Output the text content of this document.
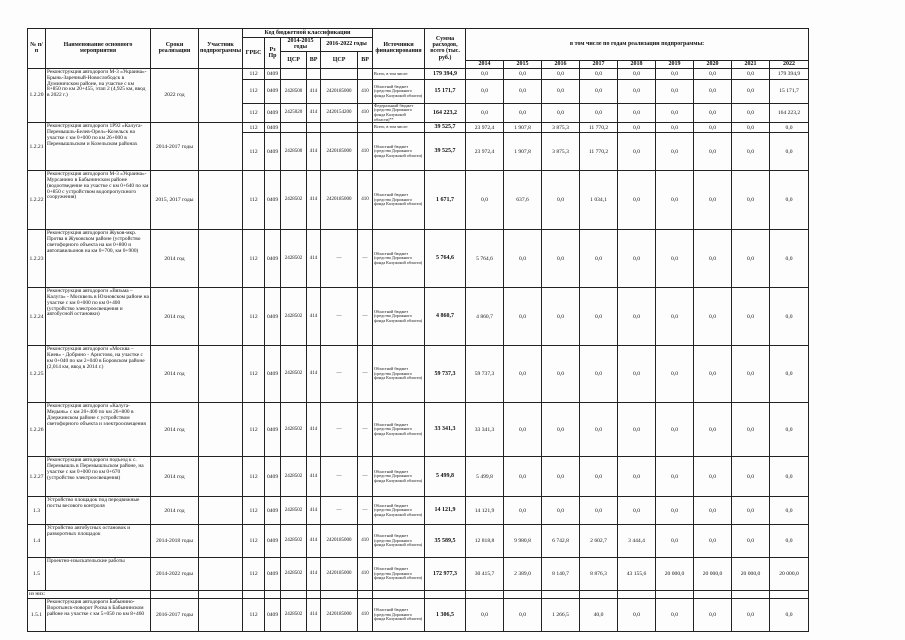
№ п/п	Наименование основного мероприятия	Сроки реализации	Участник подпрограммы	Код бюджетной классификации						Источники финансирования	Сумма расходов, всего (тыс. руб.)	в том числе по годам реализации подпрограммы:								
				ГРБС	Рз Пр	2014-2015 годы		2016-2022 годы												
						ЦСР	ВР	ЦСР	ВР											
												2014	2015	2016	2017	2018	2019	2020	2021	2022
1.2.20	Реконструкция автодороги М-3 «Украина»-Брынь-Заречный-Новослободск в Думиничском районе, на участке с км 8+850 по км 20+455, этап 2 (4,925 км, ввод в 2022 г.)	2022 год		112	0409					Всего, в том числе:	179 394,9	0,0	0,0	0,0	0,0	0,0	0,0	0,0	0,0	179 394,9
				112	0409	2428500	414	2420185000	410	Областной бюджет (средства Дорожного фонда Калужской области)	15 171,7	0,0	0,0	0,0	0,0	0,0	0,0	0,0	0,0	15 171,7
				112	0409	2425020	414	2420154200	410	Федеральный бюджет (средства Дорожного фонда Калужской области)**	164 223,2	0,0	0,0	0,0	0,0	0,0	0,0	0,0	0,0	164 223,2
1.2.21	Реконструкция автодороги 1Р92 «Калуга-Перемышль-Белев-Орел»-Козельск на участке с км 0+000 по км 26+000 в Перемышльском и Козельском районах	2014-2017 годы		112	0409					Всего, в том числе:	39 525,7	23 972,4	1 907,8	3 875,3	11 770,2	0,0	0,0	0,0	0,0	0,0
				112	0409	2428500	414	2420185000	410	Областной бюджет (средства Дорожного фонда Калужской области)	39 525,7	23 972,4	1 907,8	3 875,3	11 770,2	0,0	0,0	0,0	0,0	0,0
1.2.22	Реконструкция автодороги М-3 «Украина»-Мурсанино в Бабынинском районе (водоотведение на участке с км 0+640 по км 0+850 с устройством водопропускного сооружения)	2015, 2017 годы		112	0409	2428502	414	2420185000	410	Областной бюджет (средства Дорожного фонда Калужской области)	1 671,7	0,0	637,6	0,0	1 034,1	0,0	0,0	0,0	0,0	0,0
1.2.23	Реконструкция автодороги Жуков-мкр. Протва в Жуковском районе (устройство светофорного объекта на км 0+800 и автопавильонов на км 0+700, км 0+900)	2014 год		112	0409	2428502	414	—	—	Областной бюджет (средства Дорожного фонда Калужской области)	5 764,6	5 764,6	0,0	0,0	0,0	0,0	0,0	0,0	0,0	0,0
1.2.24	Реконструкция автодороги «Вязьма – Калуга» - Москвель в Юхновском районе на участке с км 0+000 по км 0+400 (устройство электроосвещения и автобусной остановки)	2014 год		112	0409	2428502	414	—	—	Областной бюджет (средства Дорожного фонда Калужской области)	4 860,7	4 860,7	0,0	0,0	0,0	0,0	0,0	0,0	0,0	0,0
1.2.25	Реконструкция автодороги «Москва – Киев» - Добрино - Аристово, на участке с км 0+040 по км 2+040 в Боровском районе (2,014 км, ввод в 2014 г.)	2014 год		112	0409	2428502	414	—	—	Областной бюджет (средства Дорожного фонда Калужской области)	59 737,3	59 737,3	0,0	0,0	0,0	0,0	0,0	0,0	0,0	0,0
1.2.26	Реконструкция автодороги «Калуга-Медынь» с км 20+400 по км 26+800 в Дзержинском районе с устройством светофорного объекта и электроосвещения	2014 год		112	0409	2428502	414	—	—	Областной бюджет (средства Дорожного фонда Калужской области)	33 341,3	33 341,3	0,0	0,0	0,0	0,0	0,0	0,0	0,0	0,0
1.2.27	Реконструкция автодороги подъезд к с. Перемышль в Перемышльском районе, на участке с км 0+000 по км 0+670 (устройство электроосвещения)	2014 год		112	0409	2428502	414	—	—	Областной бюджет (средства Дорожного фонда Калужской области)	5 499,8	5 499,8	0,0	0,0	0,0	0,0	0,0	0,0	0,0	0,0
1.3	Устройство площадок под передвижные посты весового контроля	2014 год		112	0409	2428502	414	—	—	Областной бюджет (средства Дорожного фонда Калужской области)	14 121,9	14 121,9	0,0	0,0	0,0	0,0	0,0	0,0	0,0	0,0
1.4	Устройство автобусных остановок и разворотных площадок	2014-2018 годы		112	0409	2428502	414	2420185000	410	Областной бюджет (средства Дорожного фонда Калужской области)	35 589,5	12 818,8	9 980,8	6 742,8	2 602,7	3 444,4	0,0	0,0	0,0	0,0
1.5	Проектно-изыскательские работы	2014-2022 годы		112	0409	2428502	414	2420185000	410	Областной бюджет (средства Дорожного фонда Калужской области)	172 977,3	30 415,7	2 389,0	8 140,7	8 876,3	43 155,6	20 000,0	20 000,0	20 000,0	20 000,0
из них:																				
1.5.1	Реконструкция автодороги Бабынино-Воротынск-поворот Росва в Бабынинском районе на участке с км 5+050 по км 8+460	2016-2017 годы		112	0409	2428502	414	2420185000	410	Областной бюджет (средства Дорожного фонда Калужской области)	1 306,5	0,0	0,0	1 266,5	40,0	0,0	0,0	0,0	0,0	0,0
